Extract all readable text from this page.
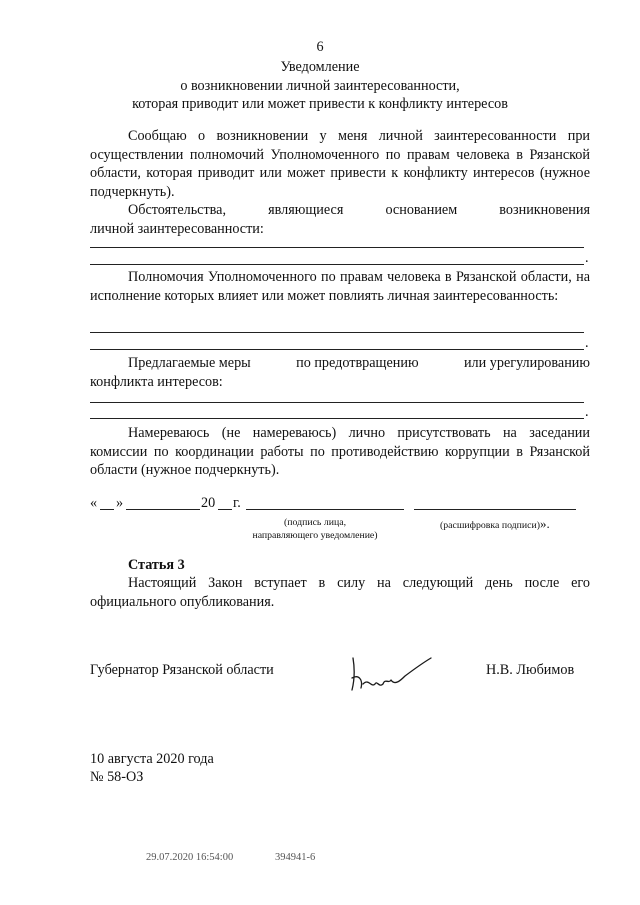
6
Уведомление
о возникновении личной заинтересованности,
которая приводит или может привести к конфликту интересов
Сообщаю о возникновении у меня личной заинтересованности при осуществлении полномочий Уполномоченного по правам человека в Рязанской области, которая приводит или может привести к конфликту интересов (нужное подчеркнуть).
Обстоятельства,	являющиеся	основанием	возникновения
личной заинтересованности:
.
Полномочия Уполномоченного по правам человека в Рязанской области, на исполнение которых влияет или может повлиять личная заинтересованность:
.
Предлагаемые меры	по предотвращению	или урегулированию
конфликта интересов:
.
Намереваюсь (не намереваюсь) лично присутствовать на заседании комиссии по координации работы по противодействию коррупции в Рязанской области (нужное подчеркнуть).
« »	20 г.
(подпись лица,
направляющего уведомление)
(расшифровка подписи)».
Статья 3
Настоящий Закон вступает в силу на следующий день после его официального опубликования.
Губернатор Рязанской области	Н.В. Любимов
10 августа 2020 года
№ 58-ОЗ
29.07.2020 16:54:00	394941-6
